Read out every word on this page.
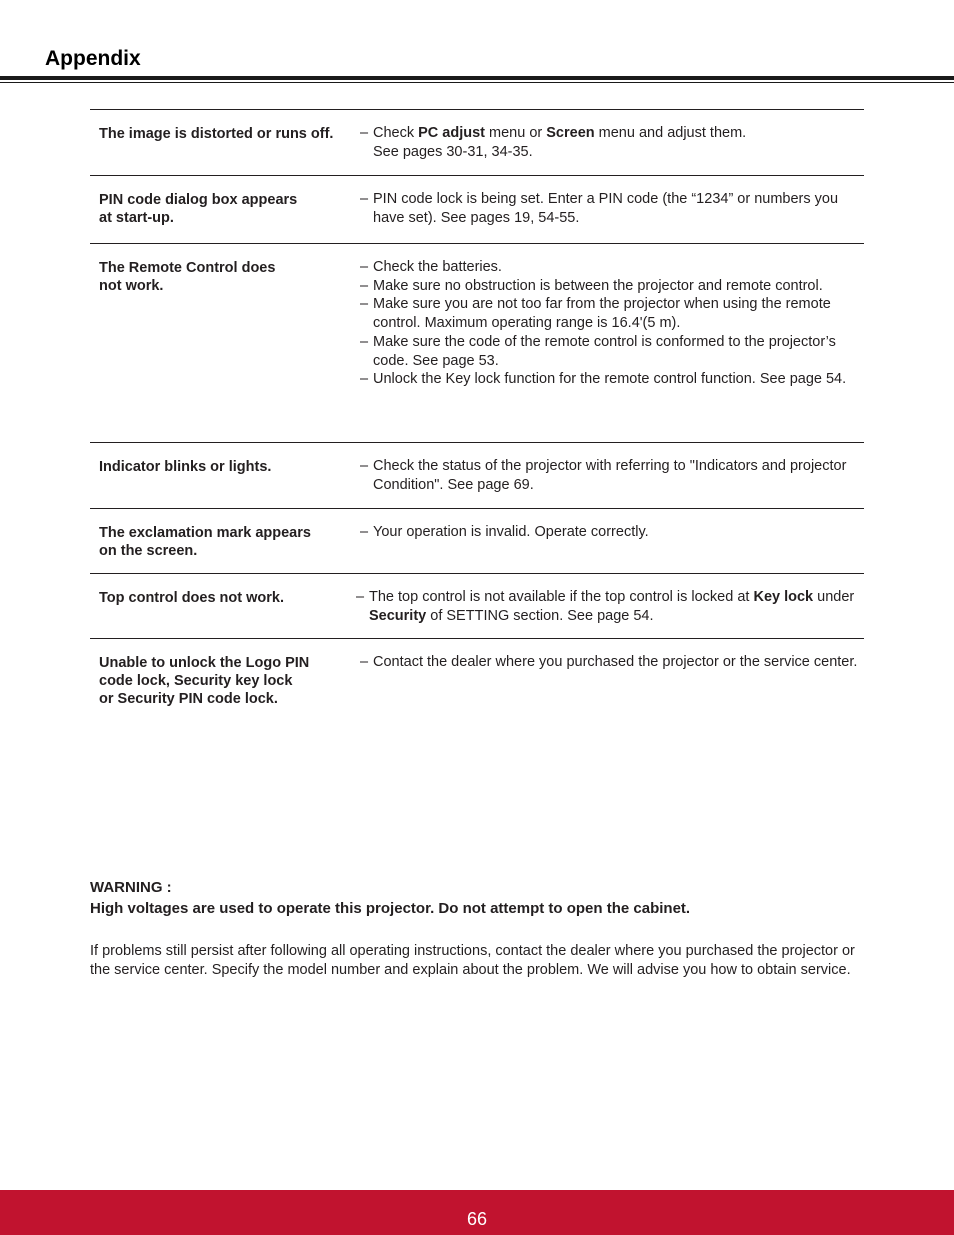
Appendix
The image is distorted or runs off.	– Check PC adjust menu or Screen menu and adjust them.
See pages 30-31, 34-35.
PIN code dialog box appears
at start-up.
– PIN code lock is being set. Enter a PIN code (the “1234” or numbers you have set). See pages 19, 54-55.
The Remote Control does
not work.
– Check the batteries.
– Make sure no obstruction is between the projector and remote control.
– Make sure you are not too far from the projector when using the remote control. Maximum operating range is 16.4'(5 m).
– Make sure the code of the remote control is conformed to the projector’s code. See page 53.
– Unlock the Key lock function for the remote control function. See page 54.
Indicator blinks or lights.	– Check the status of the projector with referring to "Indicators and projector Condition". See page 69.
The exclamation mark appears
on the screen.
– Your operation is invalid. Operate correctly.
Top control does not work.	– The top control is not available if the top control is locked at Key lock under Security of SETTING section. See page 54.
Unable to unlock the Logo PIN
code lock, Security key lock
or Security PIN code lock.
– Contact the dealer where you purchased the projector or the service center.
WARNING :
High voltages are used to operate this projector. Do not attempt to open the cabinet.
If problems still persist after following all operating instructions, contact the dealer where you purchased the projector or the service center. Specify the model number and explain about the problem. We will advise you how to obtain service.
66
